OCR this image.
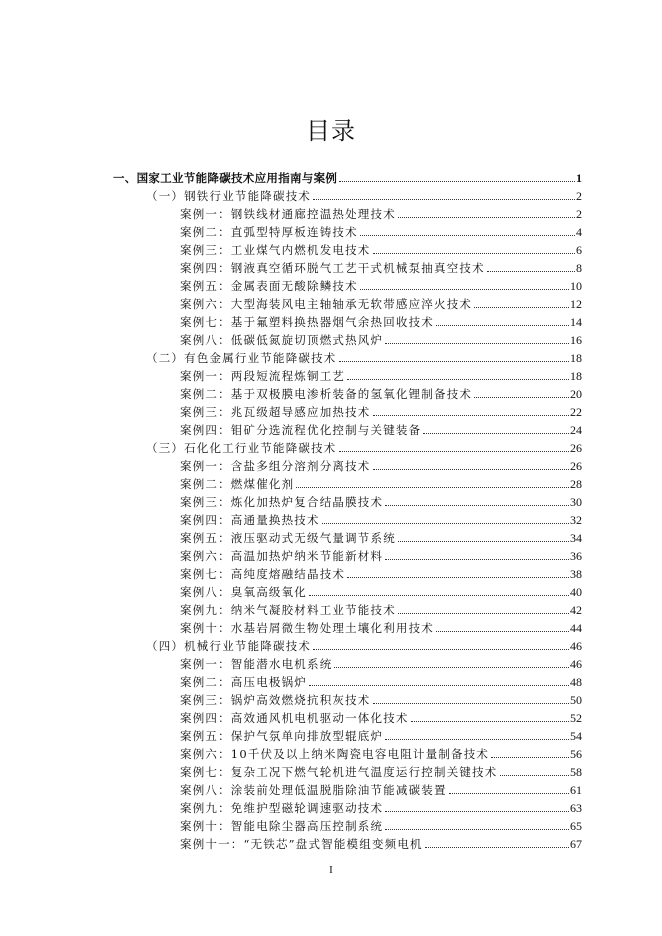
目录
一、国家工业节能降碳技术应用指南与案例	1
（一）钢铁行业节能降碳技术	2
案例一：钢铁线材通廊控温热处理技术	2
案例二：直弧型特厚板连铸技术	4
案例三：工业煤气内燃机发电技术	6
案例四：钢液真空循环脱气工艺干式机械泵抽真空技术	8
案例五：金属表面无酸除鳞技术	10
案例六：大型海装风电主轴轴承无软带感应淬火技术	12
案例七：基于氟塑料换热器烟气余热回收技术	14
案例八：低碳低氮旋切顶燃式热风炉	16
（二）有色金属行业节能降碳技术	18
案例一：两段短流程炼铜工艺	18
案例二：基于双极膜电渗析装备的氢氧化锂制备技术	20
案例三：兆瓦级超导感应加热技术	22
案例四：钼矿分选流程优化控制与关键装备	24
（三）石化化工行业节能降碳技术	26
案例一：含盐多组分溶剂分离技术	26
案例二：燃煤催化剂	28
案例三：炼化加热炉复合结晶膜技术	30
案例四：高通量换热技术	32
案例五：液压驱动式无级气量调节系统	34
案例六：高温加热炉纳米节能新材料	36
案例七：高纯度熔融结晶技术	38
案例八：臭氧高级氧化	40
案例九：纳米气凝胶材料工业节能技术	42
案例十：水基岩屑微生物处理土壤化利用技术	44
（四）机械行业节能降碳技术	46
案例一：智能潜水电机系统	46
案例二：高压电极锅炉	48
案例三：锅炉高效燃烧抗积灰技术	50
案例四：高效通风机电机驱动一体化技术	52
案例五：保护气氛单向排放型辊底炉	54
案例六：10千伏及以上纳米陶瓷电容电阻计量制备技术	56
案例七：复杂工况下燃气轮机进气温度运行控制关键技术	58
案例八：涂装前处理低温脱脂除油节能减碳装置	61
案例九：免维护型磁轮调速驱动技术	63
案例十：智能电除尘器高压控制系统	65
案例十一：“无铁芯”盘式智能模组变频电机	67
I
